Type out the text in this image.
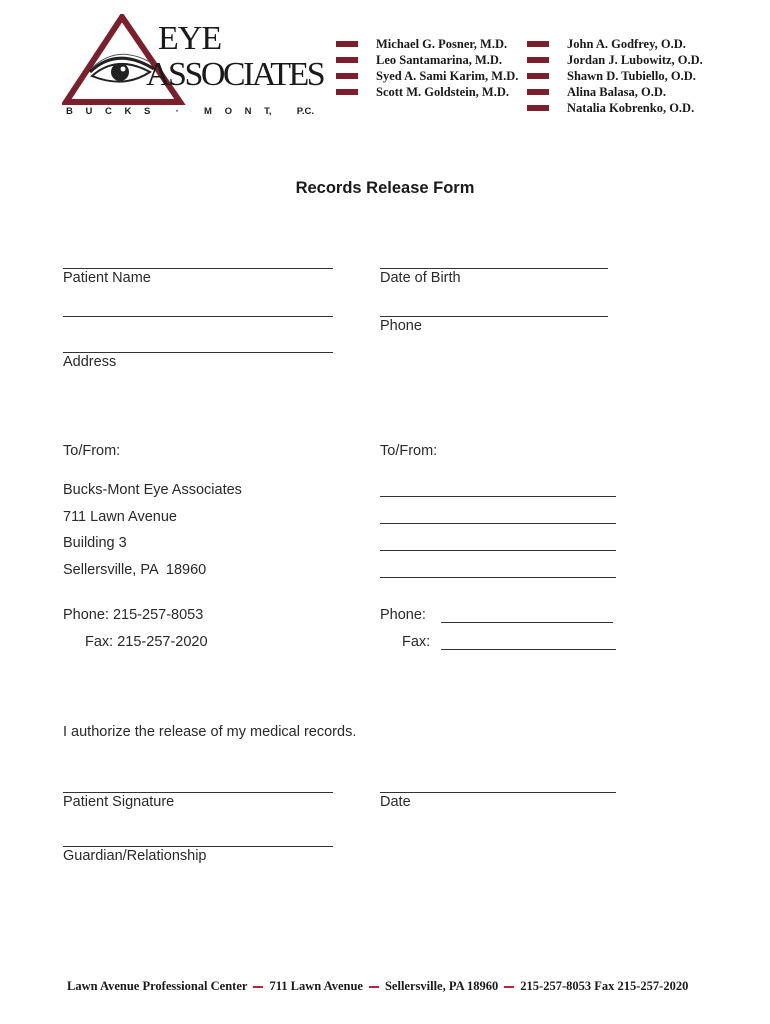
EYE
ASSOCIATES
B U C K S  ·  M O N T,  P.C.
Michael G. Posner, M.D.
Leo Santamarina, M.D.
Syed A. Sami Karim, M.D.
Scott M. Goldstein, M.D.
John A. Godfrey, O.D.
Jordan J. Lubowitz, O.D.
Shawn D. Tubiello, O.D.
Alina Balasa, O.D.
Natalia Kobrenko, O.D.
Records Release Form
Patient Name	Date of Birth
Phone
Address
To/From:	To/From:
Bucks-Mont Eye Associates
711 Lawn Avenue
Building 3
Sellersville, PA  18960
Phone: 215-257-8053
Fax: 215-257-2020
Phone:
Fax:
I authorize the release of my medical records.
Patient Signature	Date
Guardian/Relationship
Lawn Avenue Professional Center 711 Lawn Avenue Sellersville, PA 18960 215-257-8053 Fax 215-257-2020
